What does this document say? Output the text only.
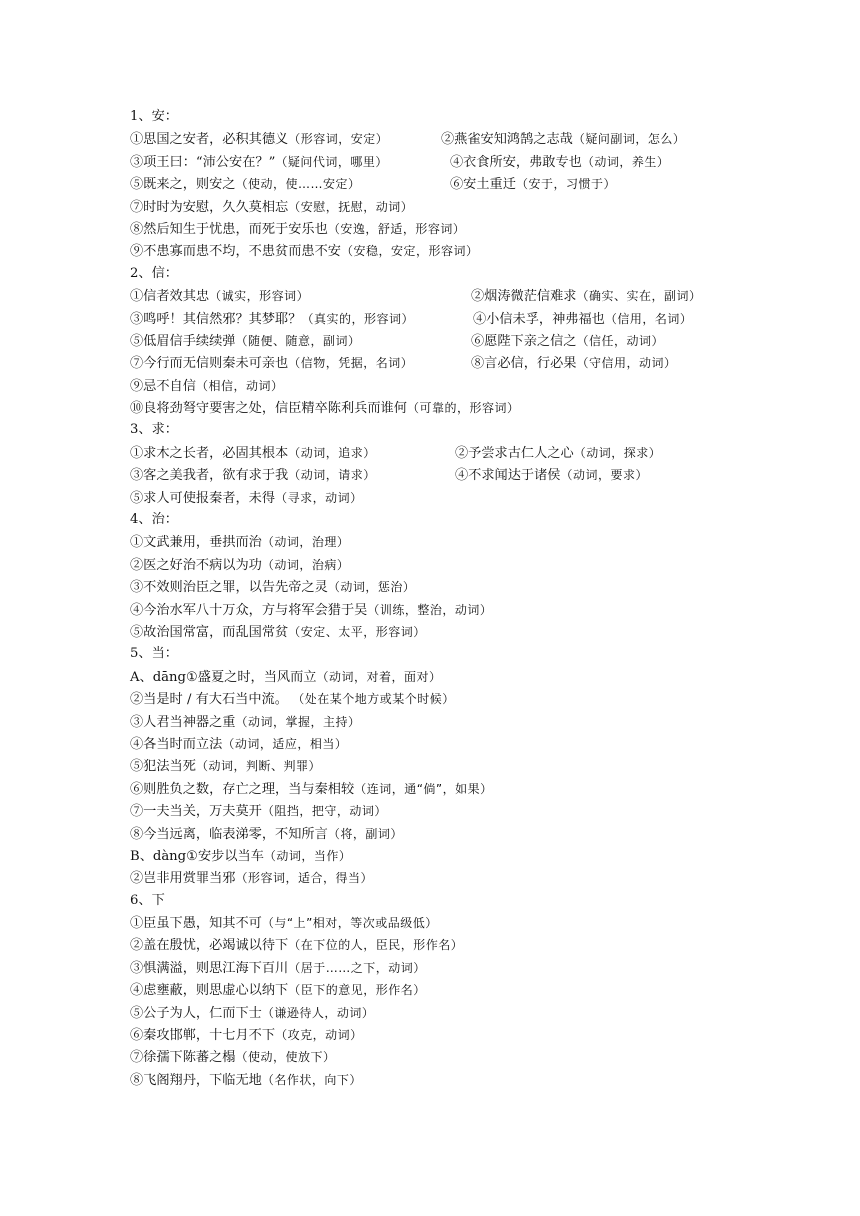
1、安：
①思国之安者，必积其德义（形容词，安定）	②燕雀安知鸿鹄之志哉（疑问副词，怎么）
③项王曰：“沛公安在？”（疑问代词，哪里）	④衣食所安，弗敢专也（动词，养生）
⑤既来之，则安之（使动，使……安定）	⑥安土重迁（安于，习惯于）
⑦时时为安慰，久久莫相忘（安慰，抚慰，动词）
⑧然后知生于忧患，而死于安乐也（安逸，舒适，形容词）
⑨不患寡而患不均，不患贫而患不安（安稳，安定，形容词）
2、信：
①信者效其忠（诚实，形容词）	②烟涛微茫信难求（确实、实在，副词）
③鸣呼！其信然邪？其梦耶？（真实的，形容词）	④小信未孚，神弗福也（信用，名词）
⑤低眉信手续续弹（随便、随意，副词）	⑥愿陛下亲之信之（信任，动词）
⑦今行而无信则秦未可亲也（信物，凭据，名词）	⑧言必信，行必果（守信用，动词）
⑨忌不自信（相信，动词）
⑩良将劲弩守要害之处，信臣精卒陈利兵而谁何（可靠的，形容词）
3、求：
①求木之长者，必固其根本（动词，追求）	②予尝求古仁人之心（动词，探求）
③客之美我者，欲有求于我（动词，请求）	④不求闻达于诸侯（动词，要求）
⑤求人可使报秦者，未得（寻求，动词）
4、治：
①文武兼用，垂拱而治（动词，治理）
②医之好治不病以为功（动词，治病）
③不效则治臣之罪，以告先帝之灵（动词，惩治）
④今治水军八十万众，方与将军会猎于吴（训练，整治，动词）
⑤故治国常富，而乱国常贫（安定、太平，形容词）
5、当：
A、dāng①盛夏之时，当风而立（动词，对着，面对）
②当是时 / 有大石当中流。 （处在某个地方或某个时候）
③人君当神器之重（动词，掌握，主持）
④各当时而立法（动词，适应，相当）
⑤犯法当死（动词，判断、判罪）
⑥则胜负之数，存亡之理，当与秦相较（连词，通“倘”，如果）
⑦一夫当关，万夫莫开（阻挡，把守，动词）
⑧今当远离，临表涕零，不知所言（将，副词）
B、dàng①安步以当车（动词，当作）
②岂非用赏罪当邪（形容词，适合，得当）
6、下
①臣虽下愚，知其不可（与“上”相对，等次或品级低）
②盖在殷忧，必竭诚以待下（在下位的人，臣民，形作名）
③惧满溢，则思江海下百川（居于……之下，动词）
④虑壅蔽，则思虚心以纳下（臣下的意见，形作名）
⑤公子为人，仁而下士（谦逊待人，动词）
⑥秦攻邯郸，十七月不下（攻克，动词）
⑦徐孺下陈蕃之榻（使动，使放下）
⑧飞阁翔丹，下临无地（名作状，向下）
